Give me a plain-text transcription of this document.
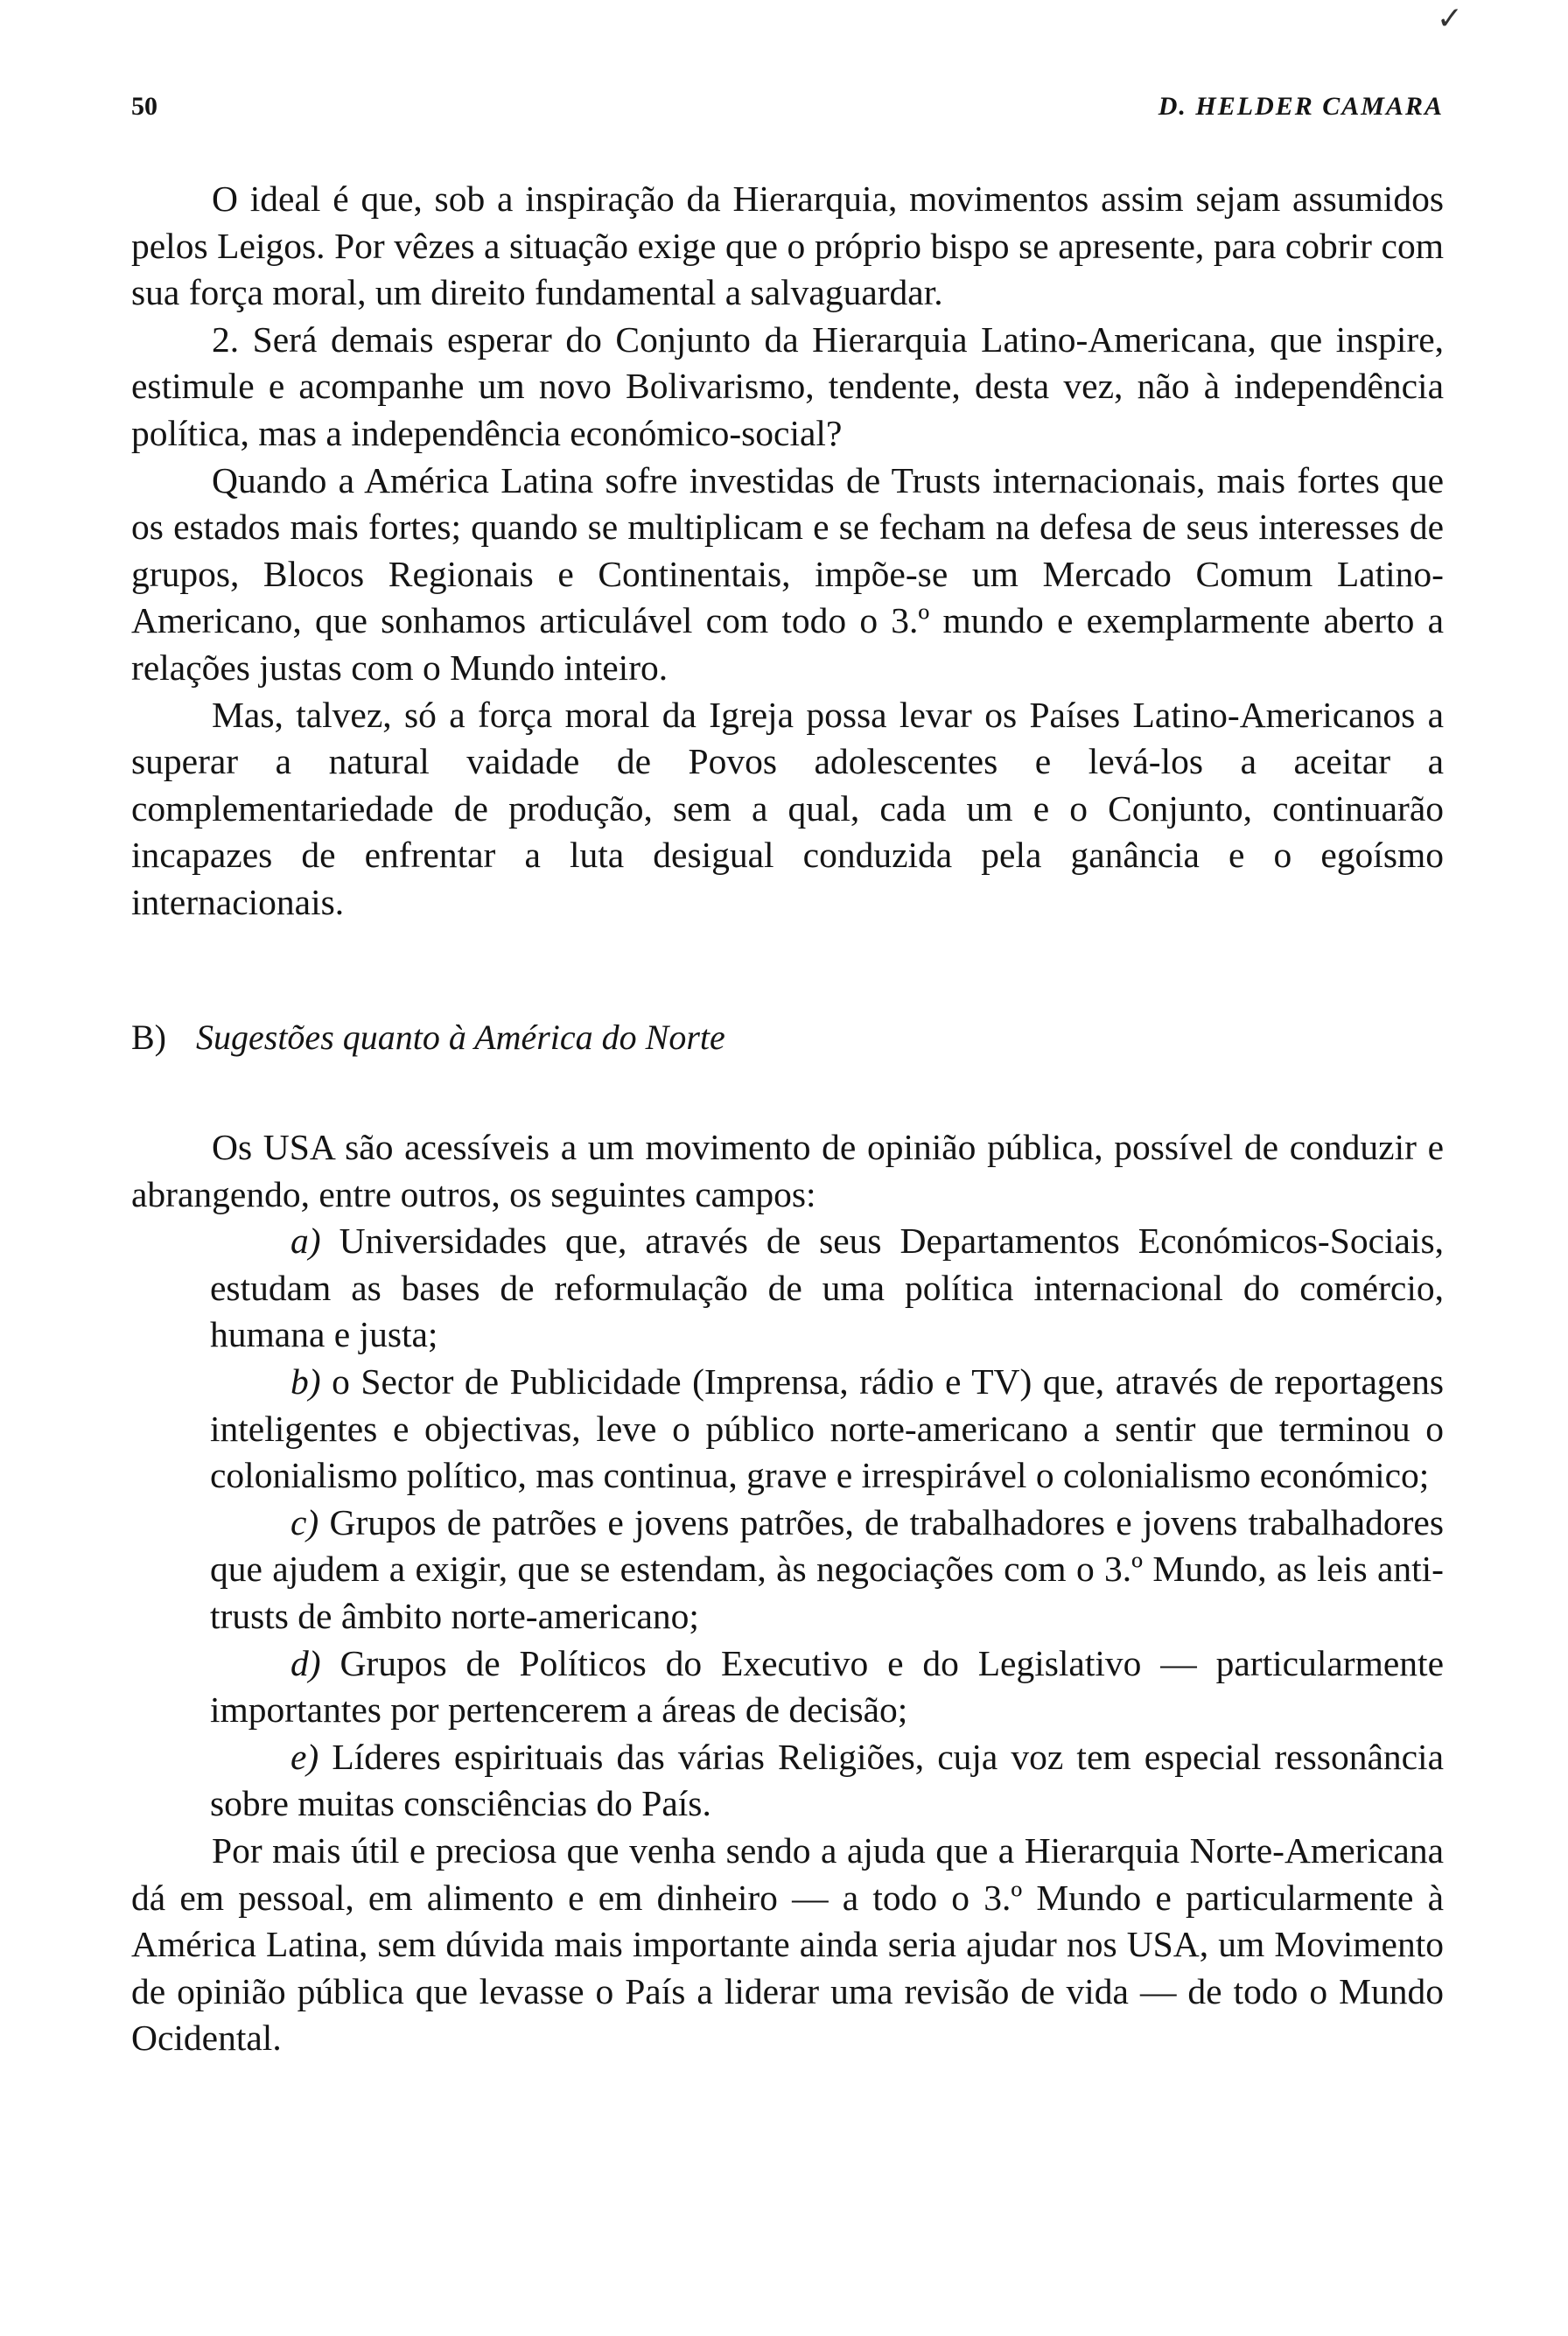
✓
50	D. HELDER CAMARA

O ideal é que, sob a inspiração da Hierarquia, movimentos assim sejam assumidos pelos Leigos. Por vêzes a situação exige que o próprio bispo se apresente, para cobrir com sua força moral, um direito fundamental a salvaguardar.

2. Será demais esperar do Conjunto da Hierarquia Latino-Americana, que inspire, estimule e acompanhe um novo Bolivarismo, tendente, desta vez, não à independência política, mas a independência económico-social?

Quando a América Latina sofre investidas de Trusts internacionais, mais fortes que os estados mais fortes; quando se multiplicam e se fecham na defesa de seus interesses de grupos, Blocos Regionais e Continentais, impõe-se um Mercado Comum Latino-Americano, que sonhamos articulável com todo o 3.º mundo e exemplarmente aberto a relações justas com o Mundo inteiro.

Mas, talvez, só a força moral da Igreja possa levar os Países Latino-Americanos a superar a natural vaidade de Povos adolescentes e levá-los a aceitar a complementariedade de produção, sem a qual, cada um e o Conjunto, continuarão incapazes de enfrentar a luta desigual conduzida pela ganância e o egoísmo internacionais.

B) Sugestões quanto à América do Norte

Os USA são acessíveis a um movimento de opinião pública, possível de conduzir e abrangendo, entre outros, os seguintes campos:

a) Universidades que, através de seus Departamentos Económicos-Sociais, estudam as bases de reformulação de uma política internacional do comércio, humana e justa;

b) o Sector de Publicidade (Imprensa, rádio e TV) que, através de reportagens inteligentes e objectivas, leve o público norte-americano a sentir que terminou o colonialismo político, mas continua, grave e irrespirável o colonialismo económico;

c) Grupos de patrões e jovens patrões, de trabalhadores e jovens trabalhadores que ajudem a exigir, que se estendam, às negociações com o 3.º Mundo, as leis anti-trusts de âmbito norte-americano;

d) Grupos de Políticos do Executivo e do Legislativo — particularmente importantes por pertencerem a áreas de decisão;

e) Líderes espirituais das várias Religiões, cuja voz tem especial ressonância sobre muitas consciências do País.

Por mais útil e preciosa que venha sendo a ajuda que a Hierarquia Norte-Americana dá em pessoal, em alimento e em dinheiro — a todo o 3.º Mundo e particularmente à América Latina, sem dúvida mais importante ainda seria ajudar nos USA, um Movimento de opinião pública que levasse o País a liderar uma revisão de vida — de todo o Mundo Ocidental.
